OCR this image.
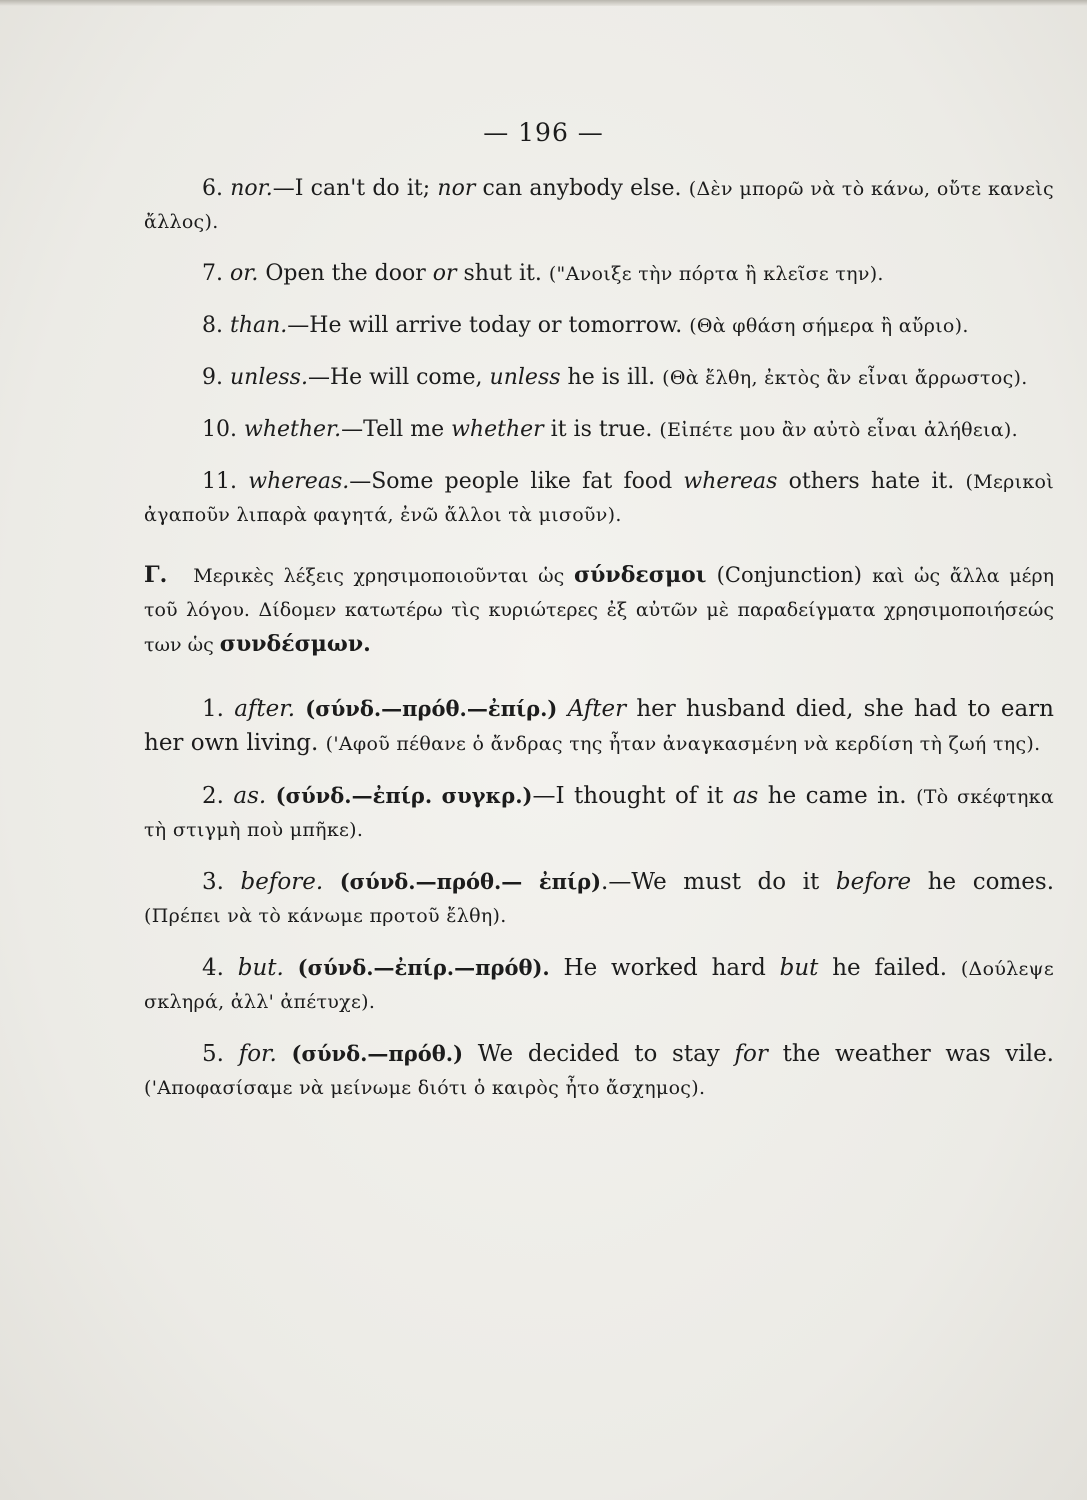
— 196 —
6. nor.—I can't do it; nor can anybody else. (Δὲν μπορῶ νὰ τὸ κάνω, οὔτε κανεὶς ἄλλος).
7. or. Open the door or shut it. ("Ανοιξε τὴν πόρτα ἢ κλεῖσε την).
8. than.—He will arrive today or tomorrow. (Θὰ φθάση σήμερα ἢ αὔριο).
9. unless.—He will come, unless he is ill. (Θὰ ἔλθη, ἐκτὸς ἂν εἶναι ἄρρωστος).
10. whether.—Tell me whether it is true. (Εἰπέτε μου ἂν αὐτὸ εἶναι ἀλήθεια).
11. whereas.—Some people like fat food whereas others hate it. (Μερικοὶ ἀγαποῦν λιπαρὰ φαγητά, ἐνῶ ἄλλοι τὰ μισοῦν).
Γ. Μερικὲς λέξεις χρησιμοποιοῦνται ὡς σύνδεσμοι (Conjunction) καὶ ὡς ἄλλα μέρη τοῦ λόγου. Δίδομεν κατωτέρω τὶς κυριώτερες ἐξ αὐτῶν μὲ παραδείγματα χρησιμοποιήσεώς των ὡς συνδέσμων.
1. after. (σύνδ.—πρόθ.—ἐπίρ.) After her husband died, she had to earn her own living. ('Αφοῦ πέθανε ὁ ἄνδρας της ἦταν ἀναγκασμένη νὰ κερδίση τὴ ζωή της).
2. as. (σύνδ.—ἐπίρ. συγκρ.)—I thought of it as he came in. (Τὸ σκέφτηκα τὴ στιγμὴ ποὺ μπῆκε).
3. before. (σύνδ.—πρόθ.— ἐπίρ).—We must do it before he comes. (Πρέπει νὰ τὸ κάνωμε προτοῦ ἔλθη).
4. but. (σύνδ.—ἐπίρ.—πρόθ). He worked hard but he failed. (Δούλεψε σκληρά, ἀλλ' ἀπέτυχε).
5. for. (σύνδ.—πρόθ.) We decided to stay for the weather was vile. ('Αποφασίσαμε νὰ μείνωμε διότι ὁ καιρὸς ἦτο ἄσχημος).
